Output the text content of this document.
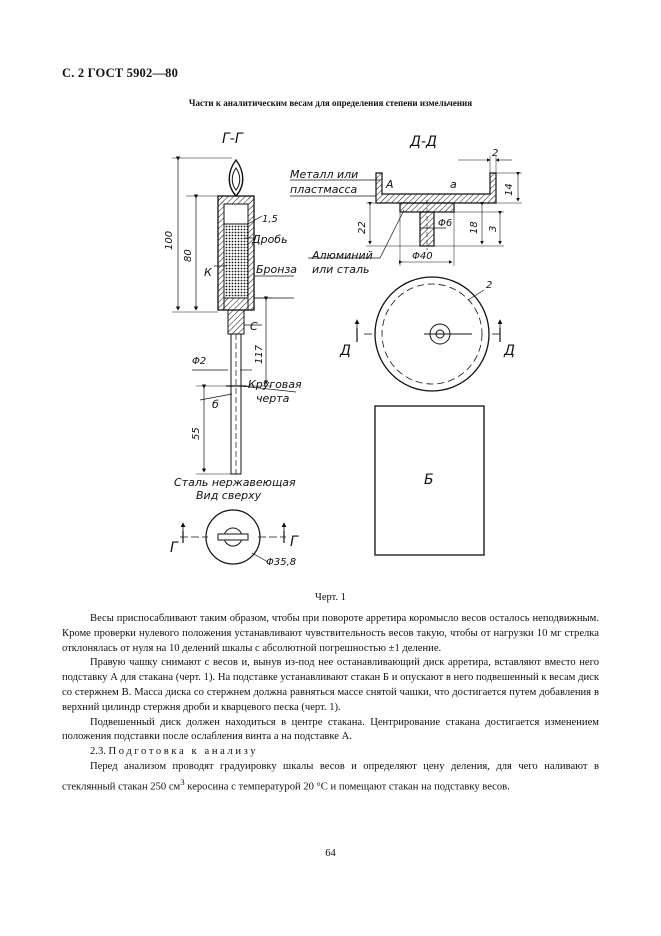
С. 2 ГОСТ 5902—80
Части к аналитическим весам для определения степени измельчения
Г-Г
100
80
1,5
Дробь
Бронза
К
С
117
Φ2
Круговая
черта
б
55
Сталь нержавеющая
Вид сверху
Г	Г
Φ35,8
Д-Д
Металл или
пластмасса	А	а
2
14
22	18 3
Φ6
Φ40
Алюминий
или сталь
Д	Д
2
Б
Черт. 1

Весы приспосабливают таким образом, чтобы при повороте арретира коромысло весов осталось неподвижным. Кроме проверки нулевого положения устанавливают чувствительность весов такую, чтобы от нагрузки 10 мг стрелка отклонялась от нуля на 10 делений шкалы с абсолютной погрешностью ±1 деление.

Правую чашку снимают с весов и, вынув из-под нее останавливающий диск арретира, вставляют вместо него подставку А для стакана (черт. 1). На подставке устанавливают стакан Б и опускают в него подвешенный к весам диск со стержнем В. Масса диска со стержнем должна равняться массе снятой чашки, что достигается путем добавления в верхний цилиндр стержня дроби и кварцевого песка (черт. 1).

Подвешенный диск должен находиться в центре стакана. Центрирование стакана достигается изменением положения подставки после ослабления винта а на подставке А.

2.3. Подготовка к анализу

Перед анализом проводят градуировку шкалы весов и определяют цену деления, для чего наливают в стеклянный стакан 250 $см^3$ керосина с температурой 20 °С и помещают стакан на подставку весов.

64
